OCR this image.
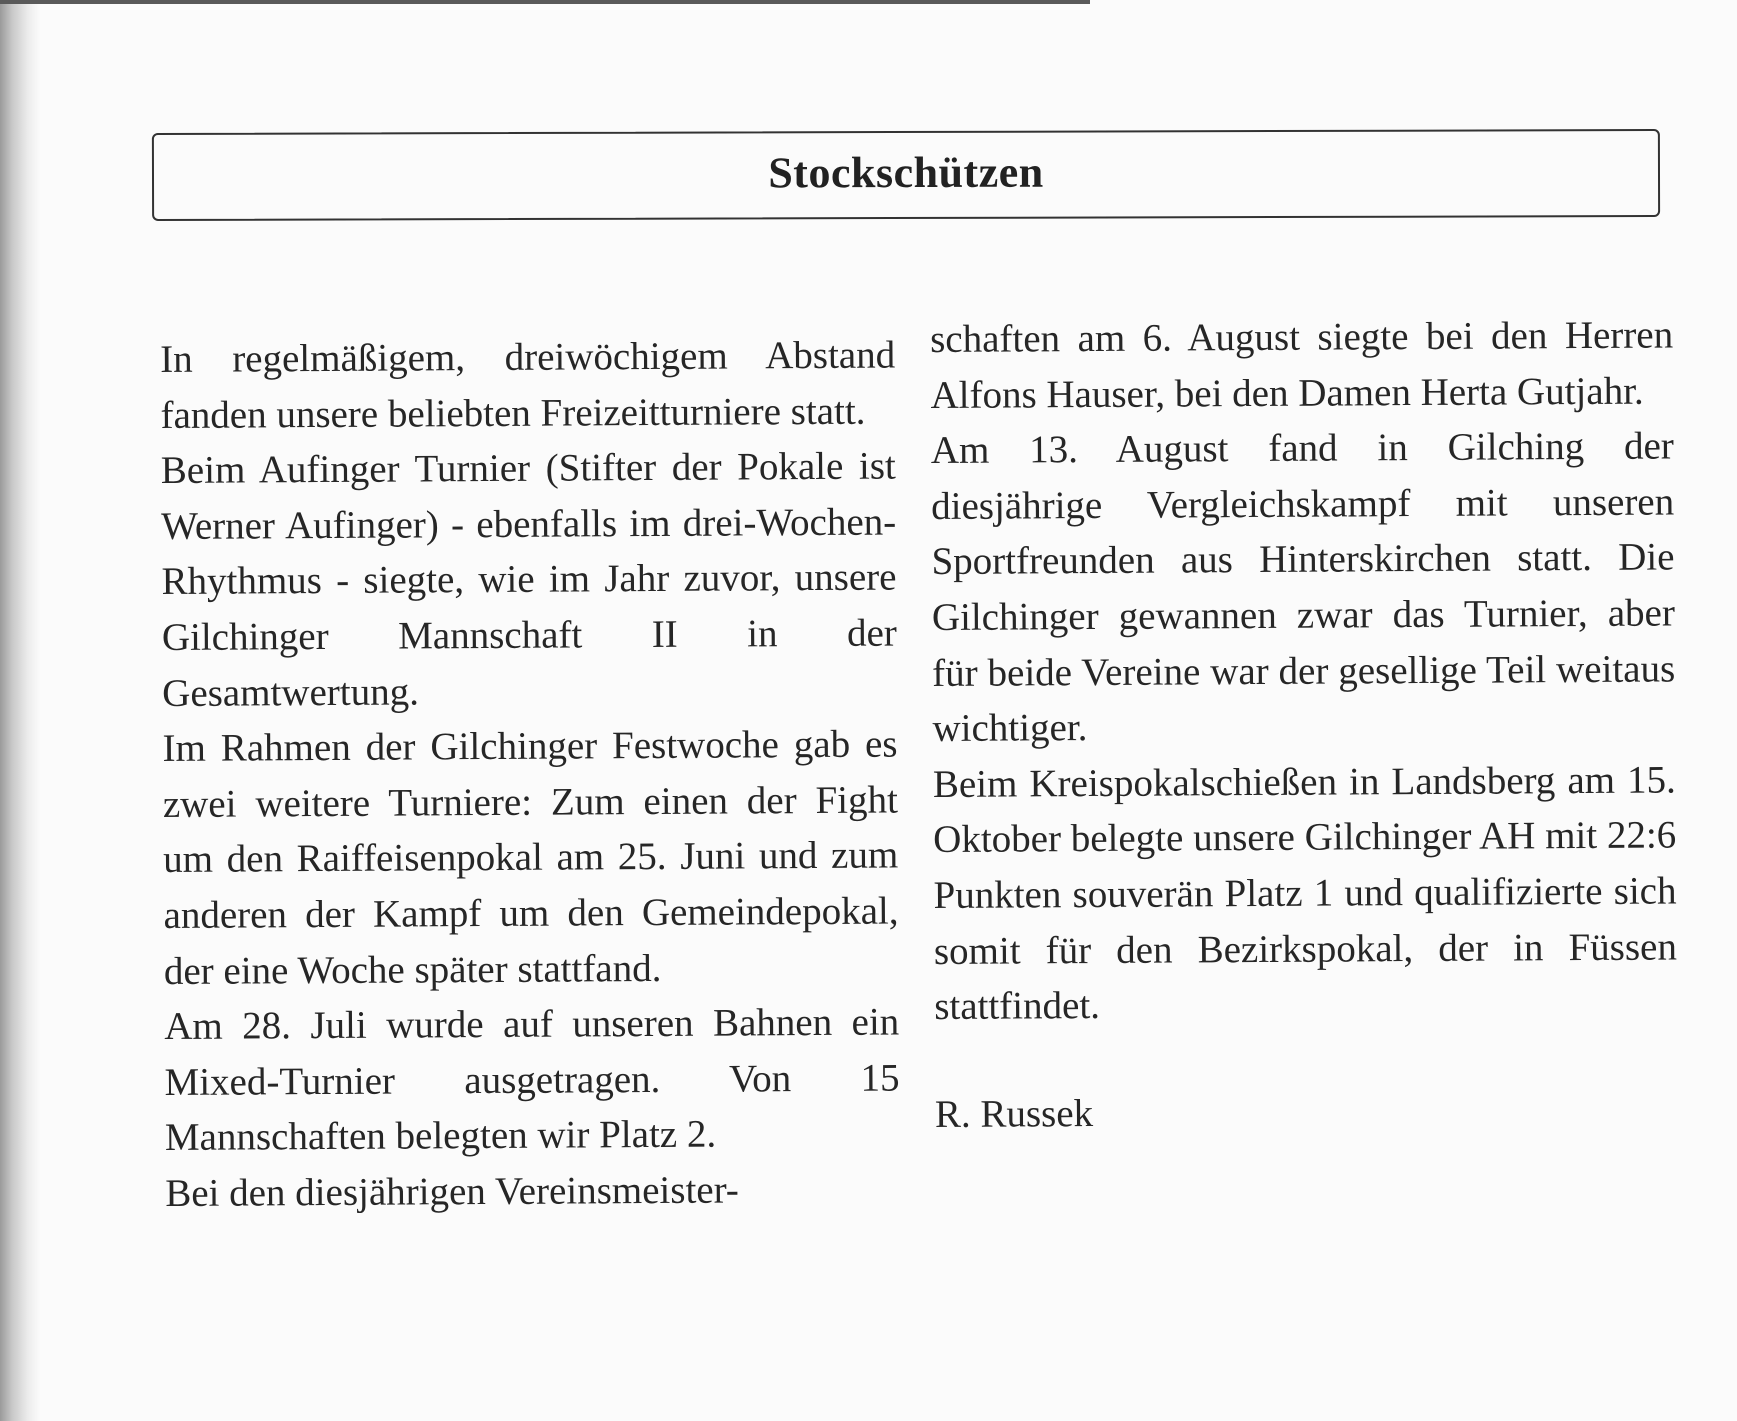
Stockschützen

In regelmäßigem, dreiwöchigem Abstand fanden unsere beliebten Freizeitturniere statt.

Beim Aufinger Turnier (Stifter der Pokale ist Werner Aufinger) - ebenfalls im drei-Wochen-Rhythmus - siegte, wie im Jahr zuvor, unsere Gilchinger Mannschaft II in der Gesamtwertung.

Im Rahmen der Gilchinger Festwoche gab es zwei weitere Turniere: Zum einen der Fight um den Raiffeisenpokal am 25. Juni und zum anderen der Kampf um den Gemeindepokal, der eine Woche später stattfand.

Am 28. Juli wurde auf unseren Bahnen ein Mixed-Turnier ausgetragen. Von 15 Mannschaften belegten wir Platz 2.

Bei den diesjährigen Vereinsmeister-

schaften am 6. August siegte bei den Herren Alfons Hauser, bei den Damen Herta Gutjahr.

Am 13. August fand in Gilching der diesjährige Vergleichskampf mit unseren Sportfreunden aus Hinterskirchen statt. Die Gilchinger gewannen zwar das Turnier, aber für beide Vereine war der gesellige Teil weitaus wichtiger.

Beim Kreispokalschießen in Landsberg am 15. Oktober belegte unsere Gilchinger AH mit 22:6 Punkten souverän Platz 1 und qualifizierte sich somit für den Bezirkspokal, der in Füssen stattfindet.

R. Russek
